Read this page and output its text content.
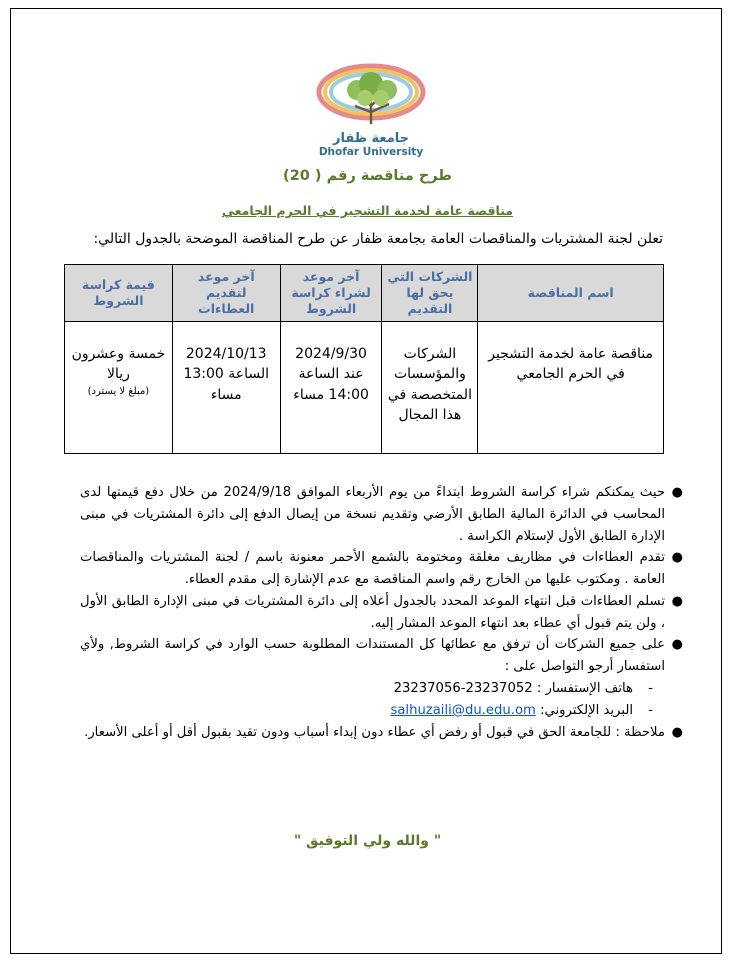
جامعة ظفار
Dhofar University
طرح مناقصة رقم ( 20)
مناقصة عامة لخدمة التشجير في الحرم الجامعي
تعلن لجنة المشتريات والمناقصات العامة بجامعة ظفار عن طرح المناقصة الموضحة بالجدول التالي:
اسم المناقصة	الشركات التي يحق لها التقديم	آخر موعد لشراء كراسة الشروط	آخر موعد لتقديم العطاءات	قيمة كراسة الشروط
مناقصة عامة لخدمة التشجير في الحرم الجامعي	الشركات والمؤسسات المتخصصة في هذا المجال	2024/9/30 عند الساعة 14:00 مساء	2024/10/13 الساعة 13:00 مساء	خمسة وعشرون ريالا
(مبلغ لا يسترد)
●
حيث يمكنكم شراء كراسة الشروط ابتداءً من يوم الأربعاء الموافق 2024/9/18 من خلال دفع قيمتها لدى المحاسب في الدائرة المالية الطابق الأرضي وتقديم نسخة من إيصال الدفع إلى دائرة المشتريات في مبنى الإدارة الطابق الأول لإستلام الكراسة .
●
تقدم العطاءات في مظاريف مغلقة ومختومة بالشمع الأحمر معنونة باسم / لجنة المشتريات والمناقصات العامة . ومكتوب عليها من الخارج رقم واسم المناقصة مع عدم الإشارة إلى مقدم العطاء.
●
تسلم العطاءات قبل انتهاء الموعد المحدد بالجدول أعلاه إلى دائرة المشتريات في مبنى الإدارة الطابق الأول ، ولن يتم قبول أي عطاء بعد انتهاء الموعد المشار إليه.
●
على جميع الشركات أن ترفق مع عطائها كل المستندات المطلوبة حسب الوارد في كراسة الشروط, ولأي استفسار أرجو التواصل على :
-
هاتف الإستفسار : 23237052-23237056
-
البريد الإلكتروني: salhuzaili@du.edu.om
●
ملاحظة : للجامعة الحق في قبول أو رفض أي عطاء دون إبداء أسباب ودون تقيد بقبول أقل أو أعلى الأسعار.
" والله ولي التوفيق "
